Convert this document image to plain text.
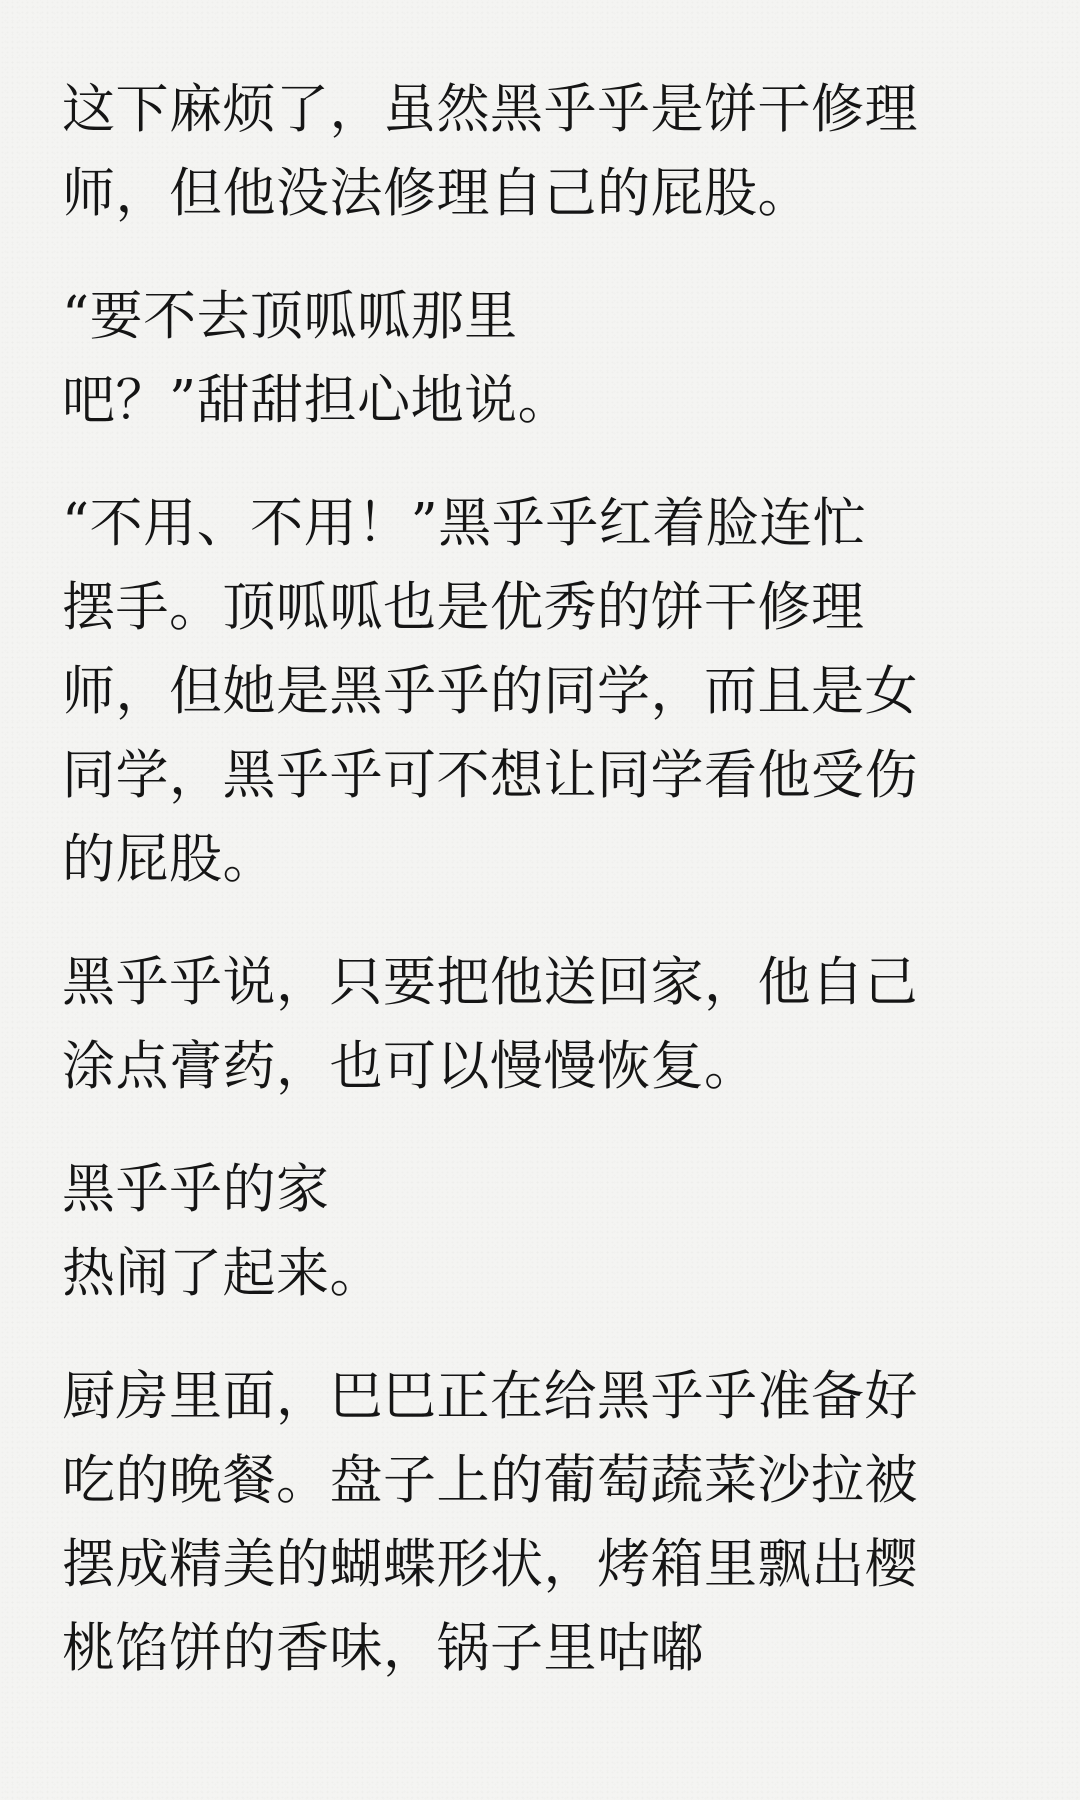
这下麻烦了，虽然黑乎乎是饼干修理
师，但他没法修理自己的屁股。

“要不去顶呱呱那里
吧？”甜甜担心地说。

“不用、不用！”黑乎乎红着脸连忙
摆手。顶呱呱也是优秀的饼干修理
师，但她是黑乎乎的同学，而且是女
同学，黑乎乎可不想让同学看他受伤
的屁股。

黑乎乎说，只要把他送回家，他自己
涂点膏药，也可以慢慢恢复。

黑乎乎的家
热闹了起来。

厨房里面，巴巴正在给黑乎乎准备好
吃的晚餐。盘子上的葡萄蔬菜沙拉被
摆成精美的蝴蝶形状，烤箱里飘出樱
桃馅饼的香味，锅子里咕嘟
